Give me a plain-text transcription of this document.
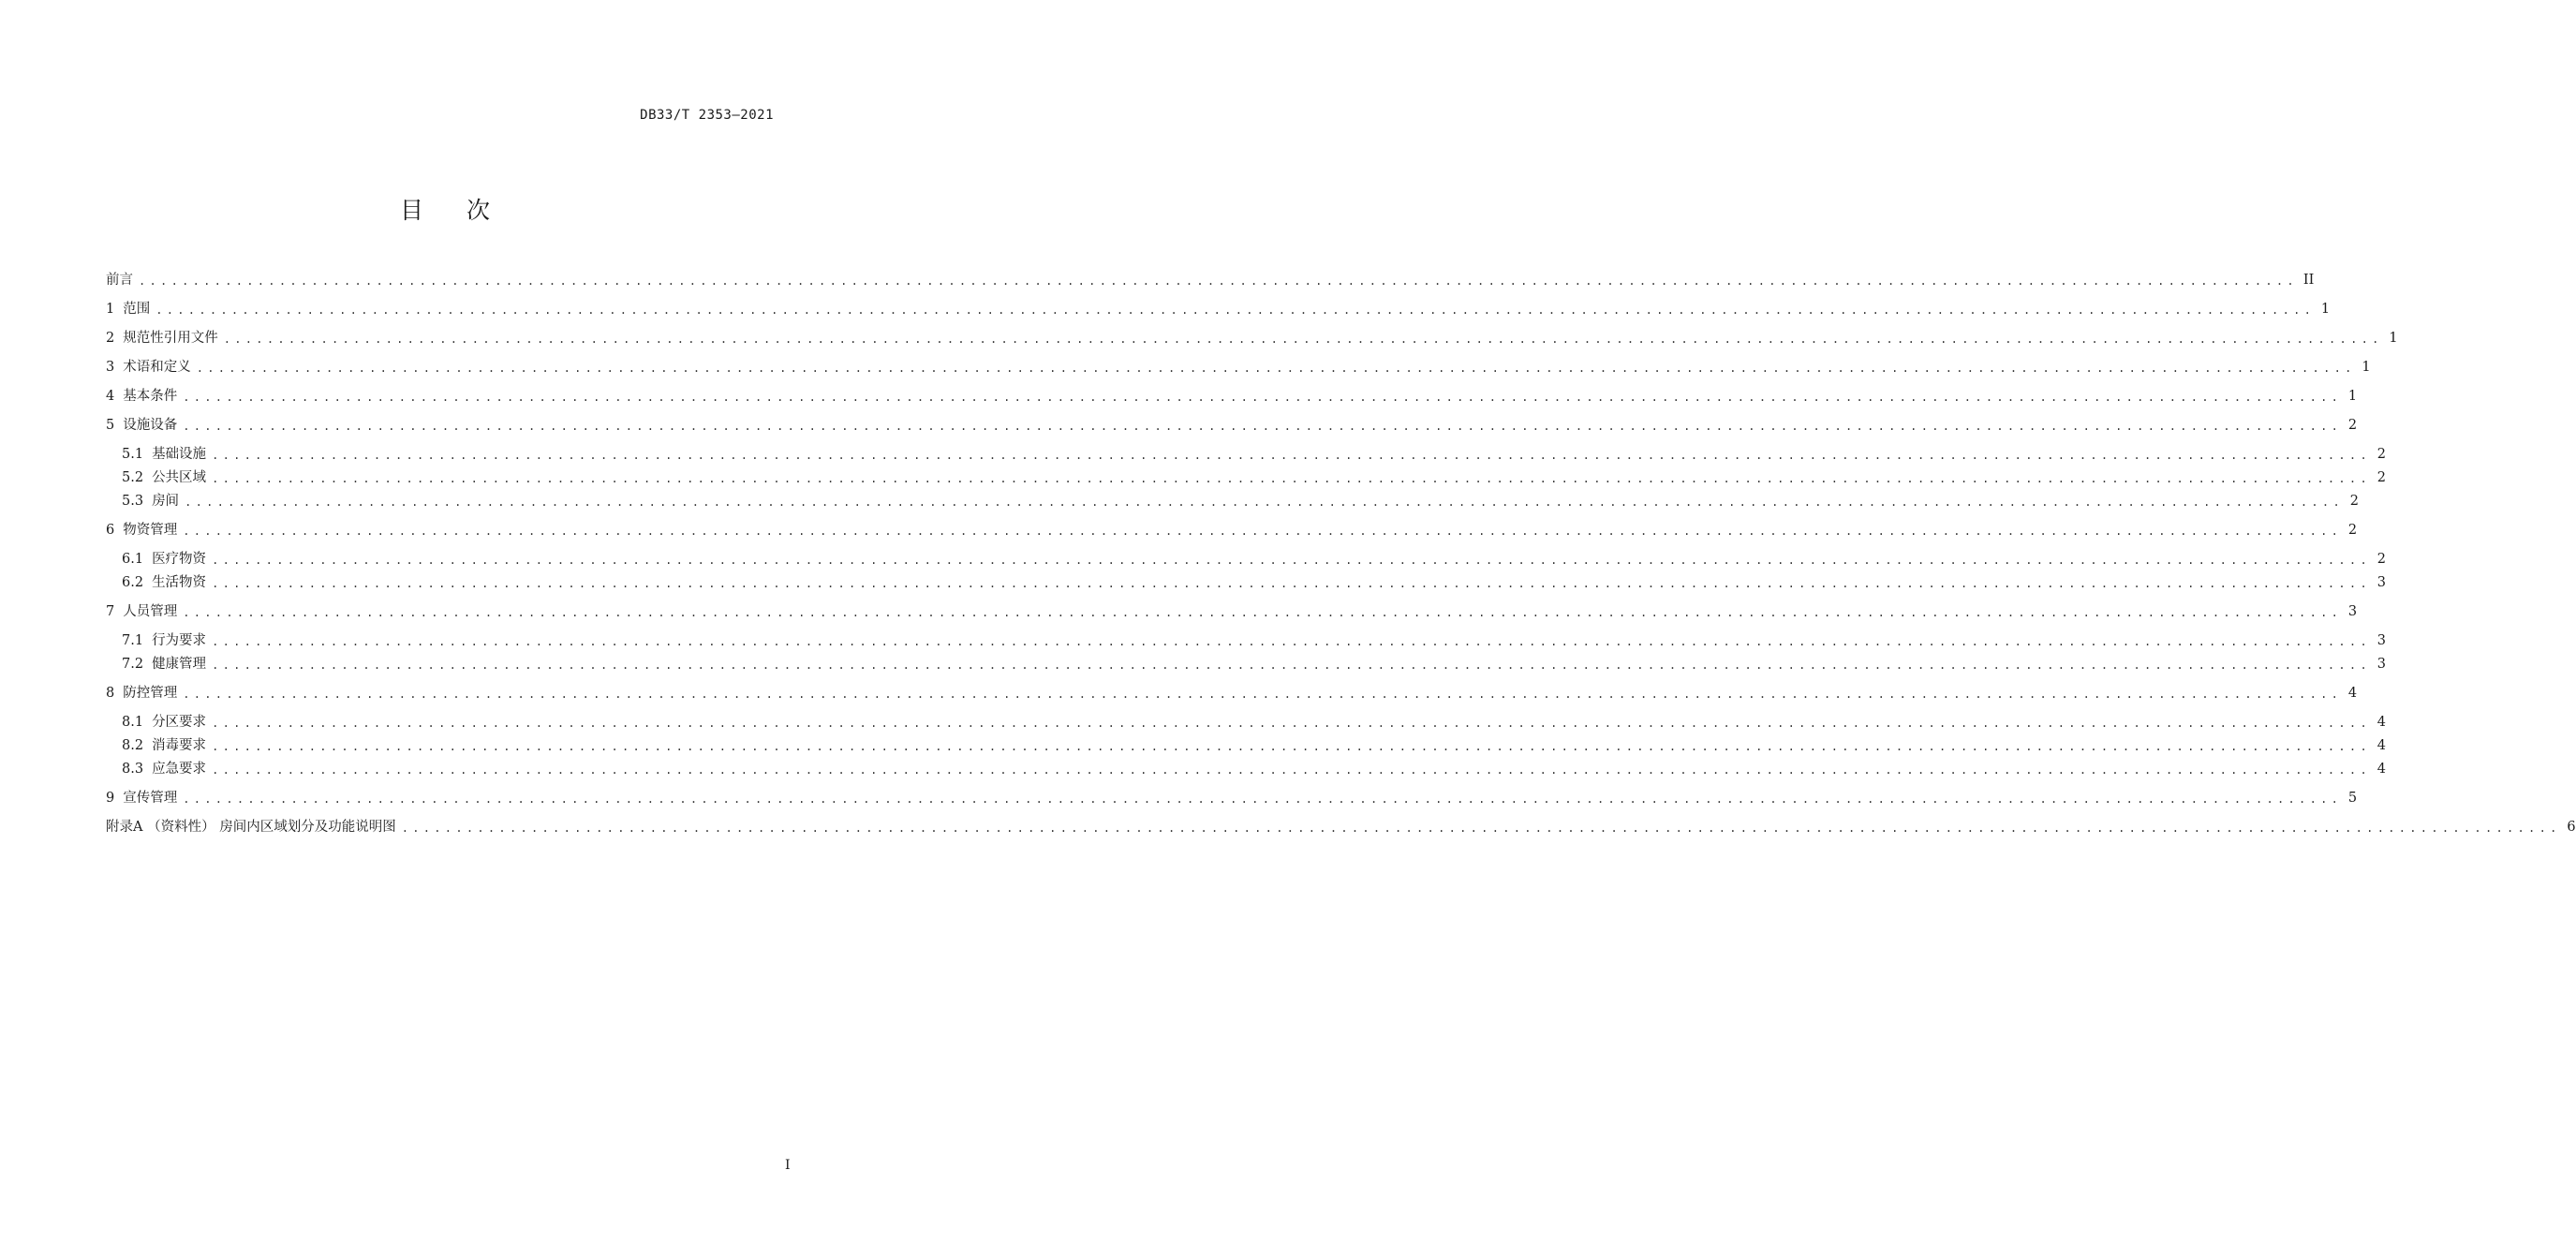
DB33/T 2353—2021
目 次
前言 ........................................................................................................................................................................................................ II
1 范围 ........................................................................................................................................................................................................ 1
2 规范性引用文件 ........................................................................................................................................................................................................ 1
3 术语和定义 ........................................................................................................................................................................................................ 1
4 基本条件 ........................................................................................................................................................................................................ 1
5 设施设备 ........................................................................................................................................................................................................ 2
5.1 基础设施 ........................................................................................................................................................................................................ 2
5.2 公共区域 ........................................................................................................................................................................................................ 2
5.3 房间 ........................................................................................................................................................................................................ 2
6 物资管理 ........................................................................................................................................................................................................ 2
6.1 医疗物资 ........................................................................................................................................................................................................ 2
6.2 生活物资 ........................................................................................................................................................................................................ 3
7 人员管理 ........................................................................................................................................................................................................ 3
7.1 行为要求 ........................................................................................................................................................................................................ 3
7.2 健康管理 ........................................................................................................................................................................................................ 3
8 防控管理 ........................................................................................................................................................................................................ 4
8.1 分区要求 ........................................................................................................................................................................................................ 4
8.2 消毒要求 ........................................................................................................................................................................................................ 4
8.3 应急要求 ........................................................................................................................................................................................................ 4
9 宣传管理 ........................................................................................................................................................................................................ 5
附录A （资料性） 房间内区域划分及功能说明图 ........................................................................................................................................................................................................ 6
I
